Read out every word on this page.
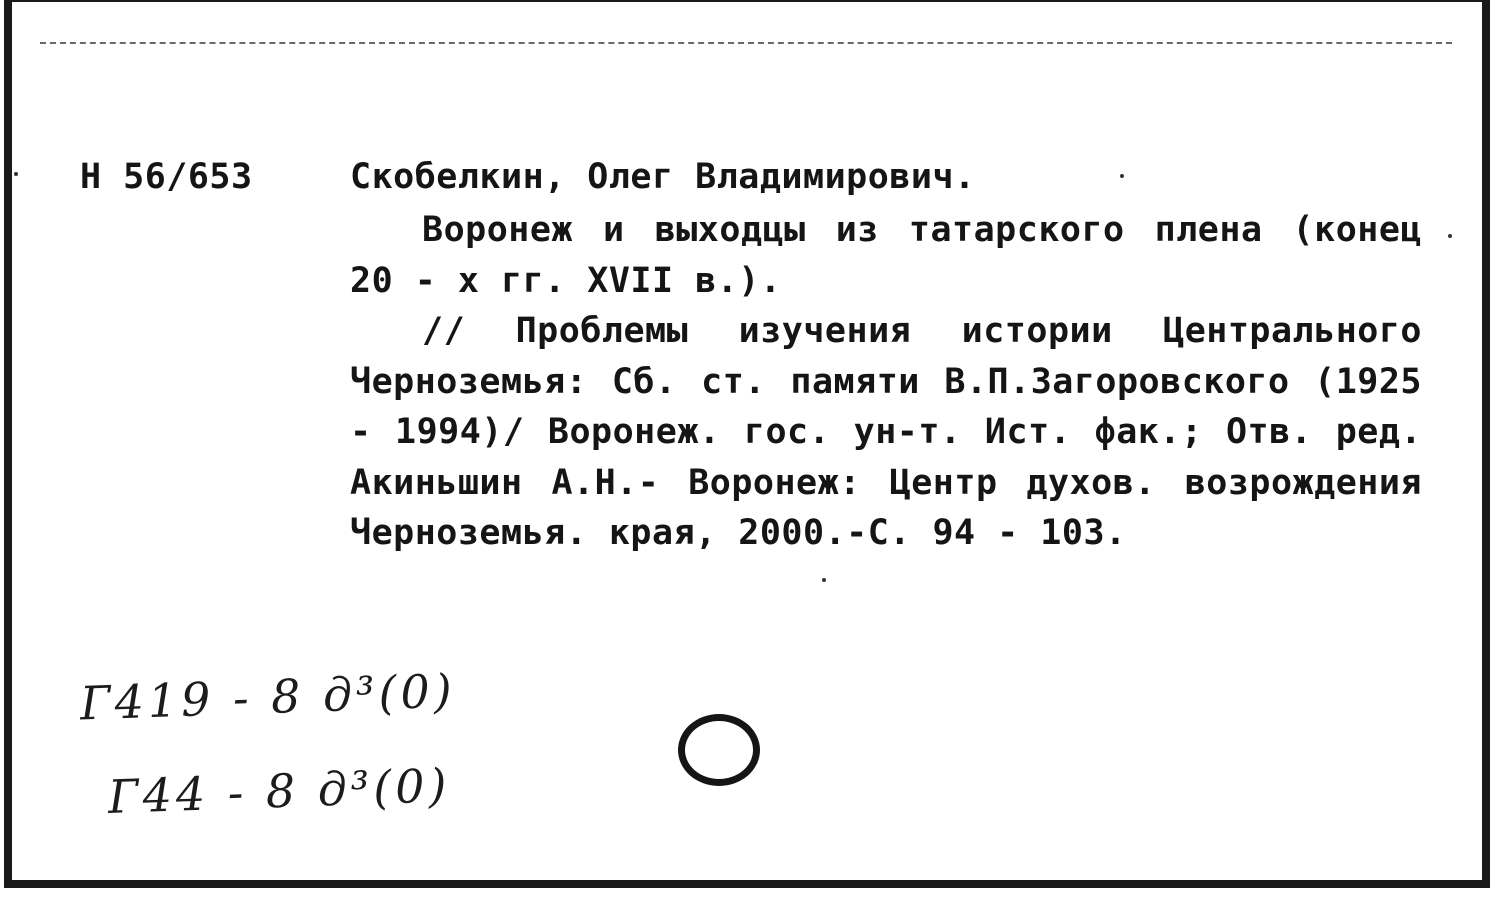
Н 56/653	Скобелкин, Олег Владимирович.

Воронеж и выходцы из татарского плена (конец 20 - х гг. XVII в.).

// Проблемы изучения истории Центрального Черноземья: Сб. ст. памяти В.П.Загоровского (1925 - 1994)/ Воронеж. гос. ун-т. Ист. фак.; Отв. ред. Акиньшин А.Н.- Воронеж: Центр духов. возрождения Черноземья. края, 2000.-С. 94 - 103.

Г419 - 8 д³(0)
Г44 - 8 д³(0)
